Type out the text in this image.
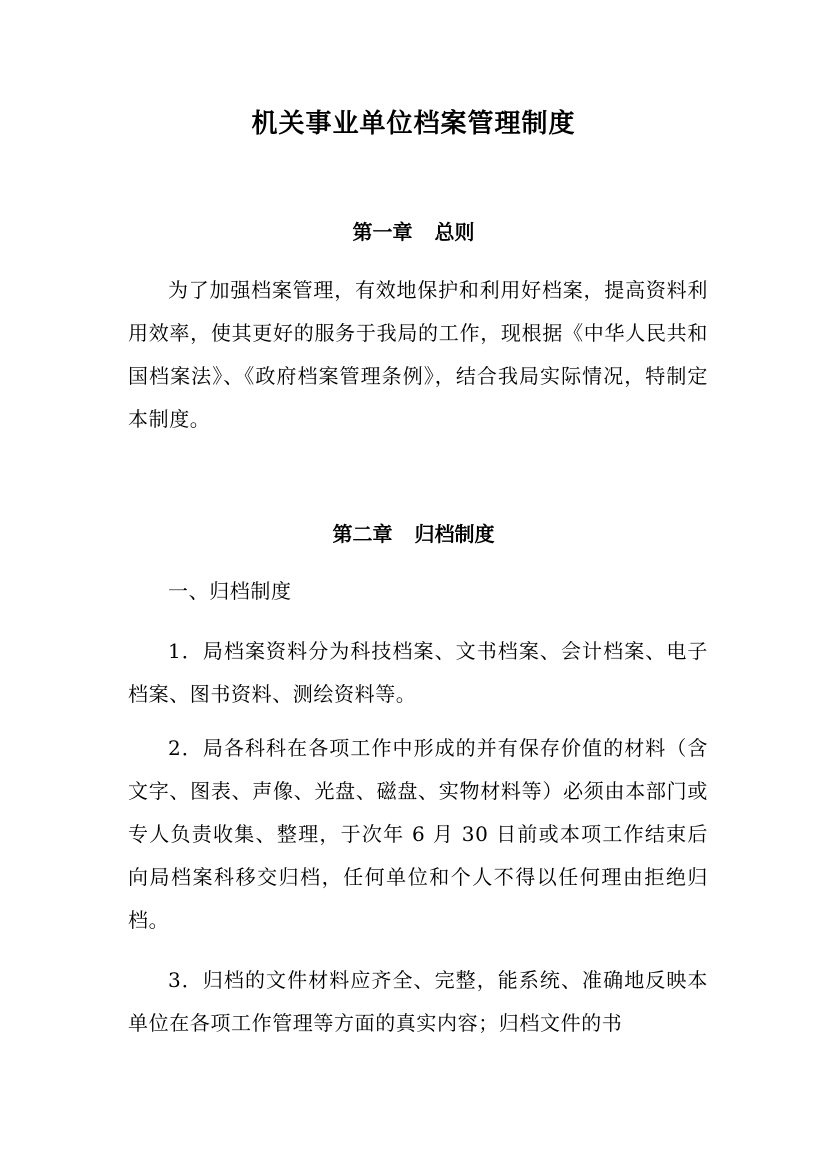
机关事业单位档案管理制度
第一章 总则

为了加强档案管理，有效地保护和利用好档案，提高资料利用效率，使其更好的服务于我局的工作，现根据《中华人民共和国档案法》、《政府档案管理条例》，结合我局实际情况，特制定本制度。

第二章 归档制度

一、归档制度

1．局档案资料分为科技档案、文书档案、会计档案、电子档案、图书资料、测绘资料等。

2．局各科科在各项工作中形成的并有保存价值的材料（含文字、图表、声像、光盘、磁盘、实物材料等）必须由本部门或专人负责收集、整理，于次年 6 月 30 日前或本项工作结束后向局档案科移交归档，任何单位和个人不得以任何理由拒绝归档。

3．归档的文件材料应齐全、完整，能系统、准确地反映本单位在各项工作管理等方面的真实内容；归档文件的书
